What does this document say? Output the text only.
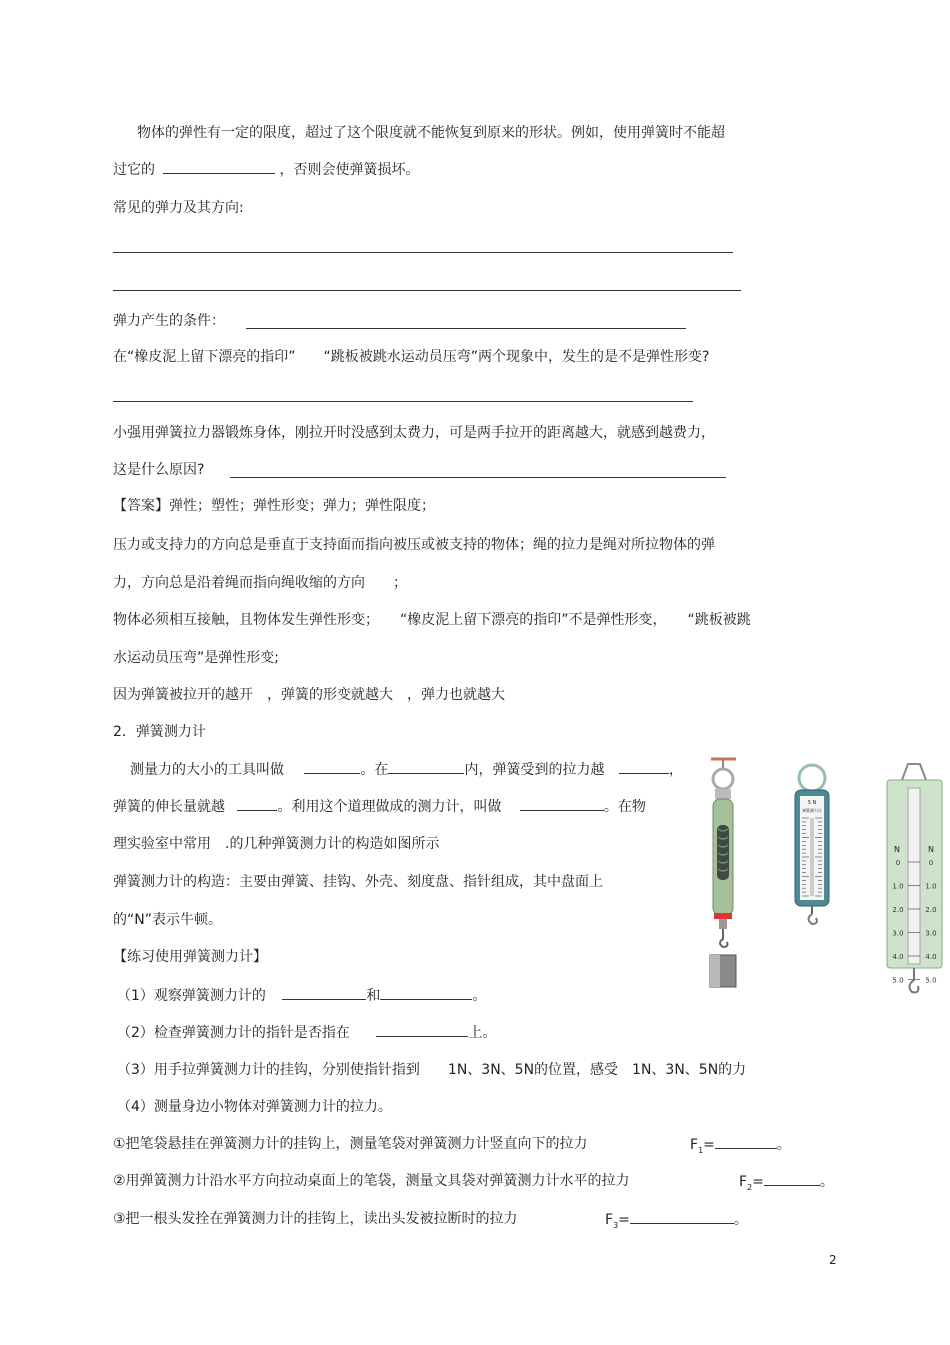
物体的弹性有一定的限度，超过了这个限度就不能恢复到原来的形状。例如，使用弹簧时不能超
过它的	，否则会使弹簧损坏。
常见的弹力及其方向:
弹力产生的条件：
在“橡皮泥上留下漂亮的指印”　　“跳板被跳水运动员压弯”两个现象中，发生的是不是弹性形变?
小强用弹簧拉力器锻炼身体，刚拉开时没感到太费力，可是两手拉开的距离越大，就感到越费力，
这是什么原因?
【答案】弹性；塑性；弹性形变；弹力；弹性限度；
压力或支持力的方向总是垂直于支持面而指向被压或被支持的物体；绳的拉力是绳对所拉物体的弹
力，方向总是沿着绳而指向绳收缩的方向　　；
物体必须相互接触，且物体发生弹性形变；　　“橡皮泥上留下漂亮的指印”不是弹性形变，　　“跳板被跳
水运动员压弯”是弹性形变;
因为弹簧被拉开的越开　，弹簧的形变就越大　，弹力也就越大
2．弹簧测力计
测量力的大小的工具叫做	。在	内，弹簧受到的拉力越	，
弹簧的伸长量就越	。利用这个道理做成的测力计，叫做	。在物
理实验室中常用　.的几种弹簧测力计的构造如图所示
弹簧测力计的构造：主要由弹簧、挂钩、外壳、刻度盘、指针组成，其中盘面上
的“N”表示牛顿。
【练习使用弹簧测力计】
（1）观察弹簧测力计的	和	。
（2）检查弹簧测力计的指针是否指在	上。
（3）用手拉弹簧测力计的挂钩，分别使指针指到　　1N、3N、5N的位置，感受　1N、3N、5N的力
（4）测量身边小物体对弹簧测力计的拉力。
①把笔袋悬挂在弹簧测力计的挂钩上，测量笔袋对弹簧测力计竖直向下的拉力	$F_1=$	。
②用弹簧测力计沿水平方向拉动桌面上的笔袋，测量文具袋对弹簧测力计水平的拉力	$F_2=$	。
③把一根头发拴在弹簧测力计的挂钩上，读出头发被拉断时的拉力	$F_3=$	。
2
5 N
弹簧测力计
N	N
0	0
1.0	1.0
2.0	2.0
3.0	3.0
4.0	4.0
5.0	5.0
